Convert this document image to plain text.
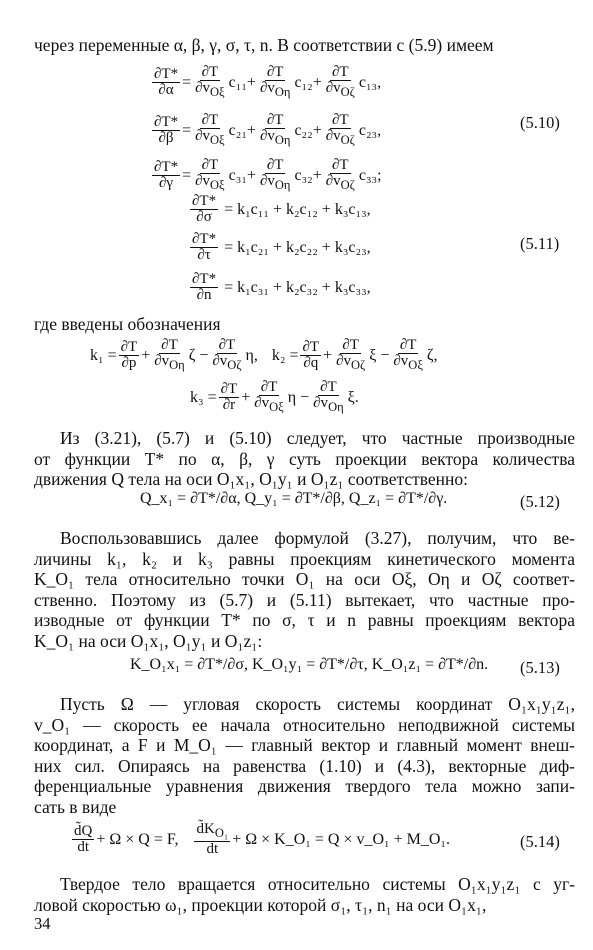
через переменные α, β, γ, σ, τ, n. В соответствии с (5.9) имеем
$\frac{\partial T*}{\partial\alpha} = \frac{\partial T}{\partial v_{O\xi}} c_{11} + \frac{\partial T}{\partial v_{O\eta}} c_{12} + \frac{\partial T}{\partial v_{O\zeta}} c_{13}$,
$\frac{\partial T*}{\partial\beta} = \frac{\partial T}{\partial v_{O\xi}} c_{21} + \frac{\partial T}{\partial v_{O\eta}} c_{22} + \frac{\partial T}{\partial v_{O\zeta}} c_{23}$,
$\frac{\partial T*}{\partial\gamma} = \frac{\partial T}{\partial v_{O\xi}} c_{31} + \frac{\partial T}{\partial v_{O\eta}} c_{32} + \frac{\partial T}{\partial v_{O\zeta}} c_{33}$;
(5.10)
$\frac{\partial T*}{\partial\sigma} = k_1c_{11} + k_2c_{12} + k_3c_{13}$,
$\frac{\partial T*}{\partial\tau} = k_1c_{21} + k_2c_{22} + k_3c_{23}$,
$\frac{\partial T*}{\partial n} = k_1c_{31} + k_2c_{32} + k_3c_{33}$,
(5.11)
где введены обозначения
$k_1 = \frac{\partial T}{\partial p} + \frac{\partial T}{\partial v_{O\eta}}$ $\zeta - \frac{\partial T}{\partial v_{O\zeta}} \eta$, $k_2 = \frac{\partial T}{\partial q} + \frac{\partial T}{\partial v_{O\zeta}}$ $\xi - \frac{\partial T}{\partial v_{O\xi}} \zeta$,
$k_3 = \frac{\partial T}{\partial r} + \frac{\partial T}{\partial v_{O\xi}}$ $\eta - \frac{\partial T}{\partial v_{O\eta}} \xi$.
Из (3.21), (5.7) и (5.10) следует, что частные производные
от функции T* по α, β, γ суть проекции вектора количества
движения Q тела на оси O₁x₁, O₁y₁ и O₁z₁ соответственно:
Q_x₁ = ∂T*/∂α, Q_y₁ = ∂T*/∂β, Q_z₁ = ∂T*/∂γ.	(5.12)
Воспользовавшись далее формулой (3.27), получим, что ве-
личины k₁, k₂ и k₃ равны проекциям кинетического момента
K_O₁ тела относительно точки O₁ на оси Oξ, Oη и Oζ соответ-
ственно. Поэтому из (5.7) и (5.11) вытекает, что частные про-
изводные от функции T* по σ, τ и n равны проекциям вектора
K_O₁ на оси O₁x₁, O₁y₁ и O₁z₁:
K_O₁x₁ = ∂T*/∂σ, K_O₁y₁ = ∂T*/∂τ, K_O₁z₁ = ∂T*/∂n. (5.13)
Пусть Ω — угловая скорость системы координат O₁x₁y₁z₁,
v_O₁ — скорость ее начала относительно неподвижной системы
координат, а F и M_O₁ — главный вектор и главный момент внеш-
них сил. Опираясь на равенства (1.10) и (4.3), векторные диф-
ференциальные уравнения движения твердого тела можно запи-
сать в виде
$\frac{d̃Q}{dt} + \Omega \times Q = F$, $\frac{d̃K_{O_1}}{dt} + \Omega$ × K_O₁ = Q × v_O₁ + M_O₁.	(5.14)
Твердое тело вращается относительно системы O₁x₁y₁z₁ с уг-
ловой скоростью ω₁, проекции которой σ₁, τ₁, n₁ на оси O₁x₁,
34
